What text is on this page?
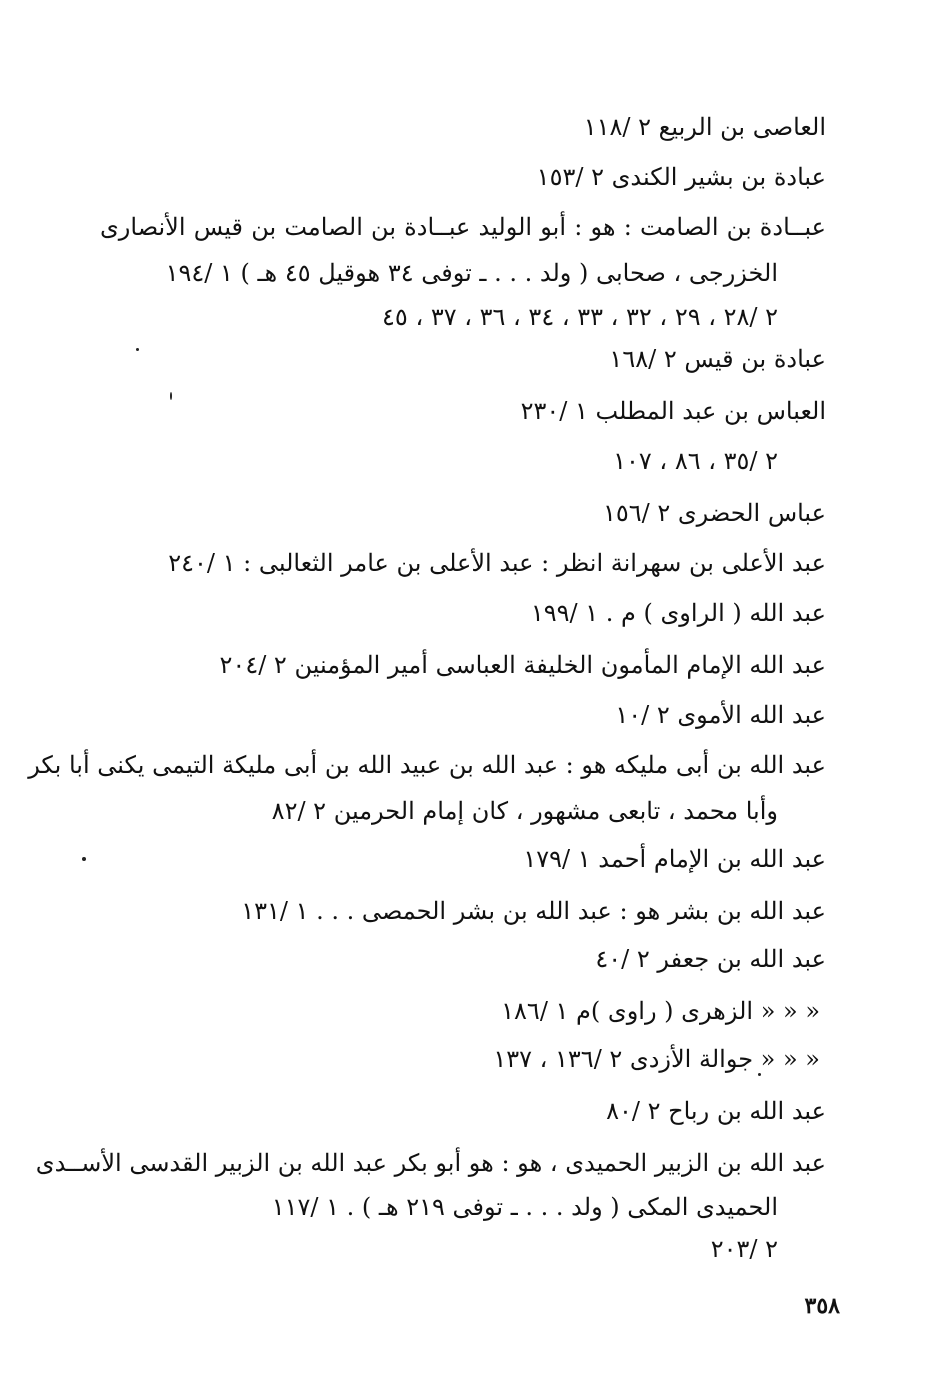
العاصى بن الربيع ٢ /١١٨
عبادة بن بشير الكندى ٢ /١٥٣
عبــادة بن الصامت : هو : أبو الوليد عبــادة بن الصامت بن قيس الأنصارى
الخزرجى ، صحابى ( ولد . . . ـ توفى ٣٤ هوقيل ٤٥ هـ ) ١ /١٩٤
٢ /٢٨ ، ٢٩ ، ٣٢ ، ٣٣ ، ٣٤ ، ٣٦ ، ٣٧ ، ٤٥
عبادة بن قيس ٢ /١٦٨
العباس بن عبد المطلب ١ /٢٣٠
٢ /٣٥ ، ٨٦ ، ١٠٧
عباس الحضرى ٢ /١٥٦
عبد الأعلى بن سهرانة انظر : عبد الأعلى بن عامر الثعالبى : ١ /٢٤٠
عبد الله ( الراوى ) م . ١ /١٩٩
عبد الله الإمام المأمون الخليفة العباسى أمير المؤمنين ٢ /٢٠٤
عبد الله الأموى ٢ /١٠
عبد الله بن أبى مليكه هو : عبد الله بن عبيد الله بن أبى مليكة التيمى يكنى أبا بكر
وأبا محمد ، تابعى مشهور ، كان إمام الحرمين ٢ /٨٢
عبد الله بن الإمام أحمد ١ /١٧٩
عبد الله بن بشر هو : عبد الله بن بشر الحمصى . . . ١ /١٣١
عبد الله بن جعفر ٢ /٤٠
« « « الزهرى ( راوى )م ١ /١٨٦
« « « جوالة الأزدى ٢ /١٣٦ ، ١٣٧
عبد الله بن رباح ٢ /٨٠
عبد الله بن الزبير الحميدى ، هو : هو أبو بكر عبد الله بن الزبير القدسى الأســدى
الحميدى المكى ( ولد . . . ـ توفى ٢١٩ هـ ) . ١ /١١٧
٢ /٢٠٣
٣٥٨
